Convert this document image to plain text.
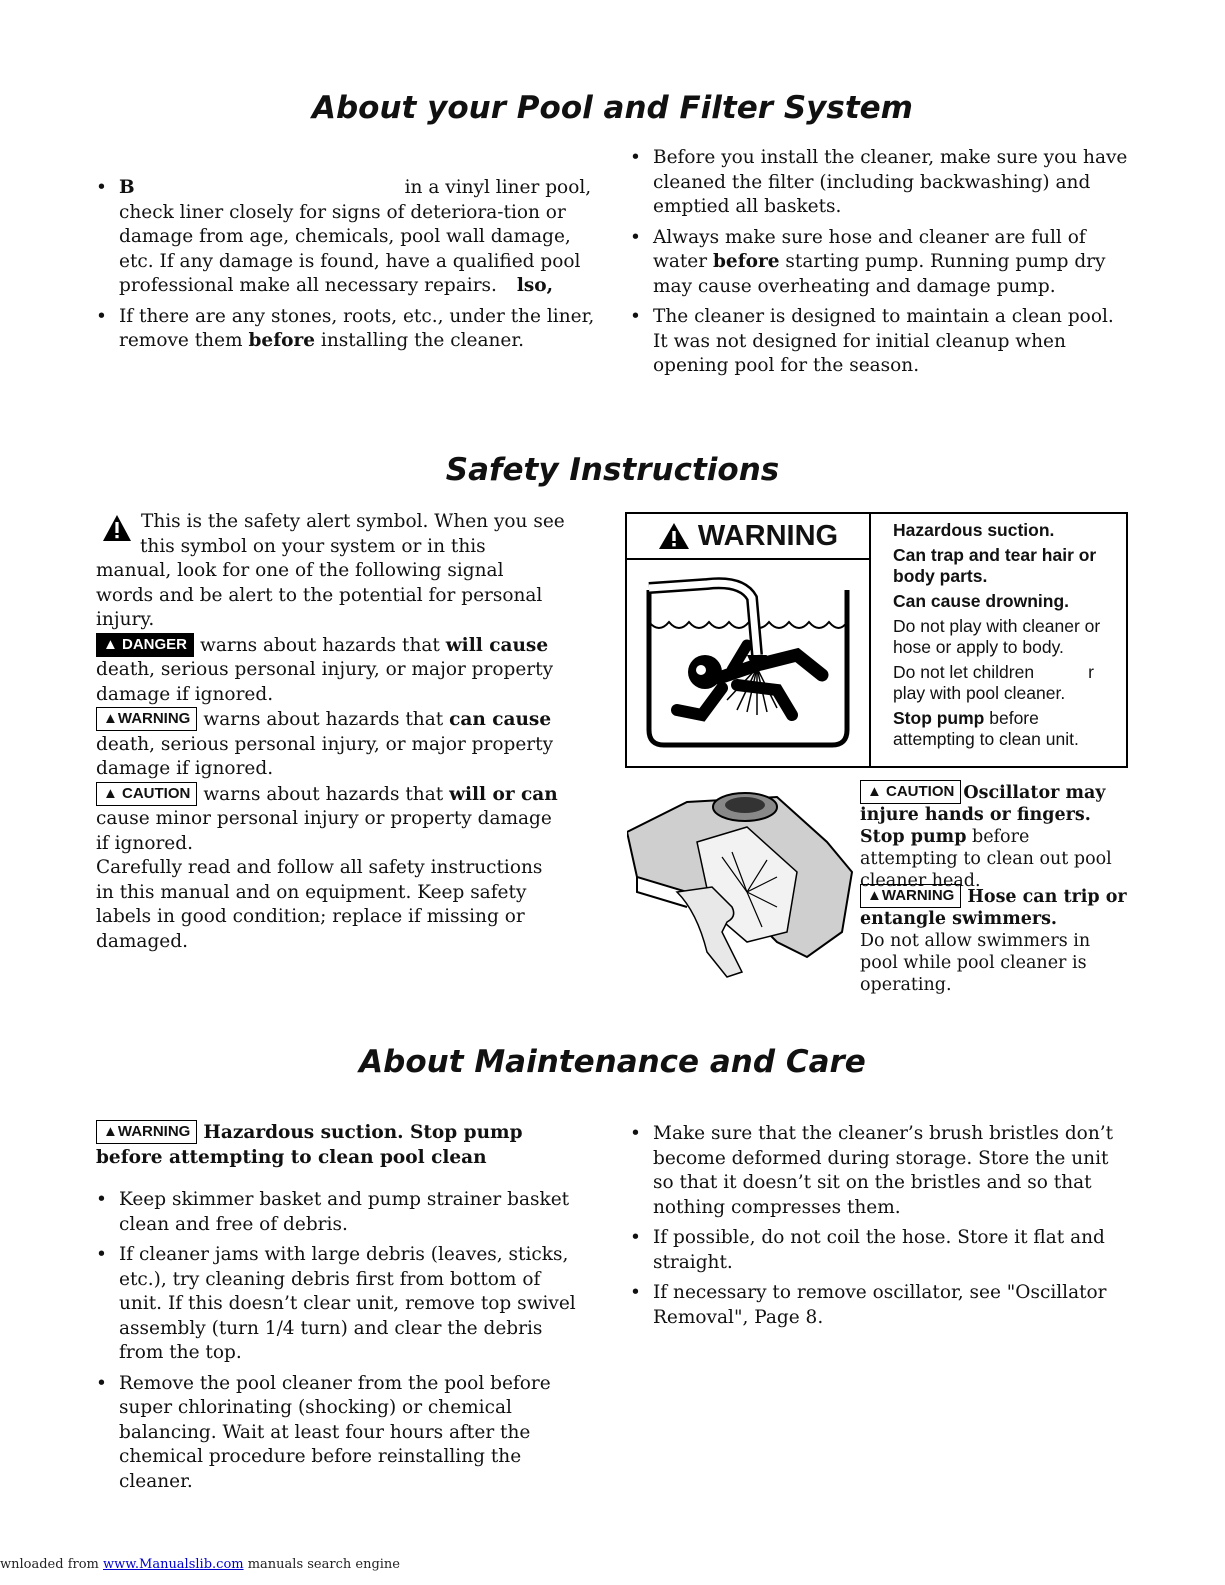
About your Pool and Filter System
• B	in a vinyl liner pool, check liner closely for signs of deteriora-tion or damage from age, chemicals, pool wall damage, etc. If any damage is found, have a qualified pool professional make all necessary repairs. lso,
• If there are any stones, roots, etc., under the liner, remove them before installing the cleaner.
• Before you install the cleaner, make sure you have cleaned the filter (including backwashing) and emptied all baskets.
• Always make sure hose and cleaner are full of water before starting pump. Running pump dry may cause overheating and damage pump.
• The cleaner is designed to maintain a clean pool. It was not designed for initial cleanup when opening pool for the season.
Safety Instructions

This is the safety alert symbol. When you see this symbol on your system or in this manual, look for one of the following signal words and be alert to the potential for personal injury.

▲ DANGER warns about hazards that will cause death, serious personal injury, or major property damage if ignored.

▲WARNING warns about hazards that can cause death, serious personal injury, or major property damage if ignored.

▲ CAUTION warns about hazards that will or can cause minor personal injury or property damage if ignored.

Carefully read and follow all safety instructions in this manual and on equipment. Keep safety labels in good condition; replace if missing or damaged.

WARNING	Hazardous suction.

Can trap and tear hair or body parts.

Can cause drowning.

Do not play with cleaner or hose or apply to body.

Do not let children	r
play with pool cleaner.

Stop pump before attempting to clean unit.

▲ CAUTION Oscillator may injure hands or fingers. Stop pump before attempting to clean out pool cleaner head.
▲WARNING Hose can trip or entangle swimmers.
Do not allow swimmers in pool while pool cleaner is operating.
About Maintenance and Care

▲WARNING Hazardous suction. Stop pump before attempting to clean pool clean

• Keep skimmer basket and pump strainer basket clean and free of debris.
• If cleaner jams with large debris (leaves, sticks, etc.), try cleaning debris first from bottom of unit. If this doesn’t clear unit, remove top swivel assembly (turn 1/4 turn) and clear the debris from the top.
• Remove the pool cleaner from the pool before super chlorinating (shocking) or chemical balancing. Wait at least four hours after the chemical procedure before reinstalling the cleaner.
• Make sure that the cleaner’s brush bristles don’t become deformed during storage. Store the unit so that it doesn’t sit on the bristles and so that nothing compresses them.
• If possible, do not coil the hose. Store it flat and straight.
• If necessary to remove oscillator, see "Oscillator Removal", Page 8.
wnloaded from www.Manualslib.com manuals search engine
